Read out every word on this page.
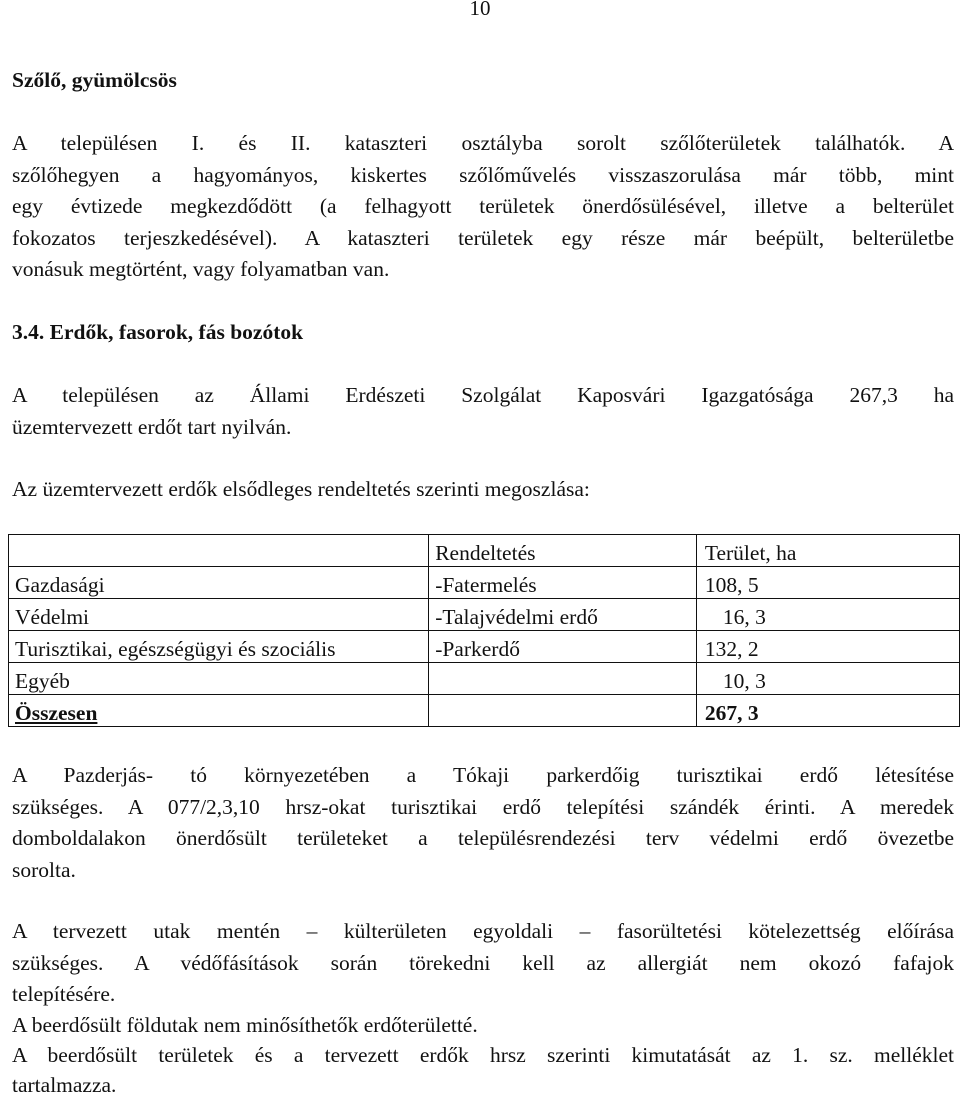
10
Szőlő, gyümölcsös
A településen I. és II. kataszteri osztályba sorolt szőlőterületek találhatók. A
szőlőhegyen a hagyományos, kiskertes szőlőművelés visszaszorulása már több, mint
egy évtizede megkezdődött (a felhagyott területek önerdősülésével, illetve a belterület
fokozatos terjeszkedésével). A kataszteri területek egy része már beépült, belterületbe
vonásuk megtörtént, vagy folyamatban van.
3.4. Erdők, fasorok, fás bozótok
A településen az Állami Erdészeti Szolgálat Kaposvári Igazgatósága 267,3 ha
üzemtervezett erdőt tart nyilván.
Az üzemtervezett erdők elsődleges rendeltetés szerinti megoszlása:
	Rendeltetés	Terület, ha
Gazdasági	-Fatermelés	108, 5
Védelmi	-Talajvédelmi erdő	16, 3
Turisztikai, egészségügyi és szociális	-Parkerdő	132, 2
Egyéb		10, 3
Összesen		267, 3
A Pazderjás- tó környezetében a Tókaji parkerdőig turisztikai erdő létesítése
szükséges. A 077/2,3,10 hrsz-okat turisztikai erdő telepítési szándék érinti. A meredek
domboldalakon önerdősült területeket a településrendezési terv védelmi erdő övezetbe
sorolta.
A tervezett utak mentén – külterületen egyoldali – fasorültetési kötelezettség előírása
szükséges. A védőfásítások során törekedni kell az allergiát nem okozó fafajok
telepítésére.
A beerdősült földutak nem minősíthetők erdőterületté.
A beerdősült területek és a tervezett erdők hrsz szerinti kimutatását az 1. sz. melléklet
tartalmazza.
